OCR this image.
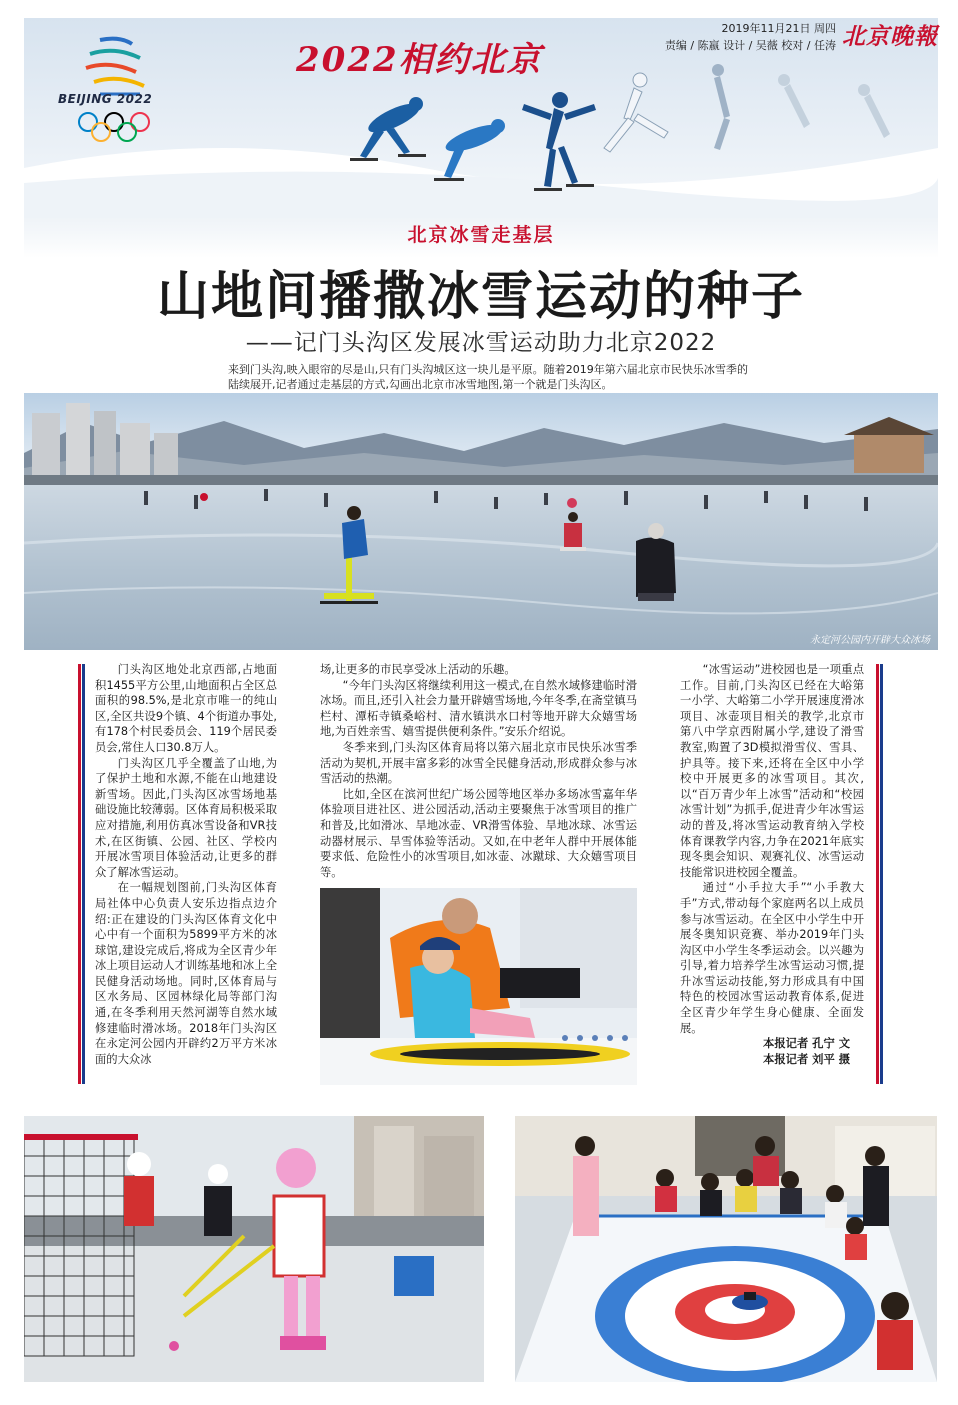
BEIJING 2022
2022相约北京
北京冰雪走基层
山地间播撒冰雪运动的种子
——记门头沟区发展冰雪运动助力北京2022
来到门头沟,映入眼帘的尽是山,只有门头沟城区这一块儿是平原。随着2019年第六届北京市民快乐冰雪季的陆续展开,记者通过走基层的方式,勾画出北京市冰雪地图,第一个就是门头沟区。
永定河公园内开辟大众冰场
2019年11月21日 周四
责编 / 陈嬴 设计 / 吴薇 校对 / 任涛 北京晚報

门头沟区地处北京西部,占地面积1455平方公里,山地面积占全区总面积的98.5%,是北京市唯一的纯山区,全区共设9个镇、4个街道办事处,有178个村民委员会、119个居民委员会,常住人口30.8万人。

门头沟区几乎全覆盖了山地,为了保护土地和水源,不能在山地建设新雪场。因此,门头沟区冰雪场地基础设施比较薄弱。区体育局积极采取应对措施,利用仿真冰雪设备和VR技术,在区街镇、公园、社区、学校内开展冰雪项目体验活动,让更多的群众了解冰雪运动。

在一幅规划图前,门头沟区体育局社体中心负责人安乐边指点边介绍:正在建设的门头沟区体育文化中心中有一个面积为5899平方米的冰球馆,建设完成后,将成为全区青少年冰上项目运动人才训练基地和冰上全民健身活动场地。同时,区体育局与区水务局、区园林绿化局等部门沟通,在冬季利用天然河湖等自然水域修建临时滑冰场。2018年门头沟区在永定河公园内开辟约2万平方米冰面的大众冰

场,让更多的市民享受冰上活动的乐趣。

“今年门头沟区将继续利用这一模式,在自然水域修建临时滑冰场。而且,还引入社会力量开辟嬉雪场地,今年冬季,在斋堂镇马栏村、潭柘寺镇桑峪村、清水镇洪水口村等地开辟大众嬉雪场地,为百姓亲雪、嬉雪提供便利条件。”安乐介绍说。

冬季来到,门头沟区体育局将以第六届北京市民快乐冰雪季活动为契机,开展丰富多彩的冰雪全民健身活动,形成群众参与冰雪活动的热潮。

比如,全区在滨河世纪广场公园等地区举办多场冰雪嘉年华体验项目进社区、进公园活动,活动主要聚焦于冰雪项目的推广和普及,比如滑冰、旱地冰壶、VR滑雪体验、旱地冰球、冰雪运动器材展示、旱雪体验等活动。又如,在中老年人群中开展体能要求低、危险性小的冰雪项目,如冰壶、冰蹴球、大众嬉雪项目等。

“冰雪运动”进校园也是一项重点工作。目前,门头沟区已经在大峪第一小学、大峪第二小学开展速度滑冰项目、冰壶项目相关的教学,北京市第八中学京西附属小学,建设了滑雪教室,购置了3D模拟滑雪仪、雪具、护具等。接下来,还将在全区中小学校中开展更多的冰雪项目。其次,以“百万青少年上冰雪”活动和“校园冰雪计划”为抓手,促进青少年冰雪运动的普及,将冰雪运动教育纳入学校体育课教学内容,力争在2021年底实现冬奥会知识、观赛礼仪、冰雪运动技能常识进校园全覆盖。

通过“小手拉大手”“小手教大手”方式,带动每个家庭两名以上成员参与冰雪运动。在全区中小学生中开展冬奥知识竞赛、举办2019年门头沟区中小学生冬季运动会。以兴趣为引导,着力培养学生冰雪运动习惯,提升冰雪运动技能,努力形成具有中国特色的校园冰雪运动教育体系,促进全区青少年学生身心健康、全面发展。

本报记者 孔宁 文

本报记者 刘平 摄
